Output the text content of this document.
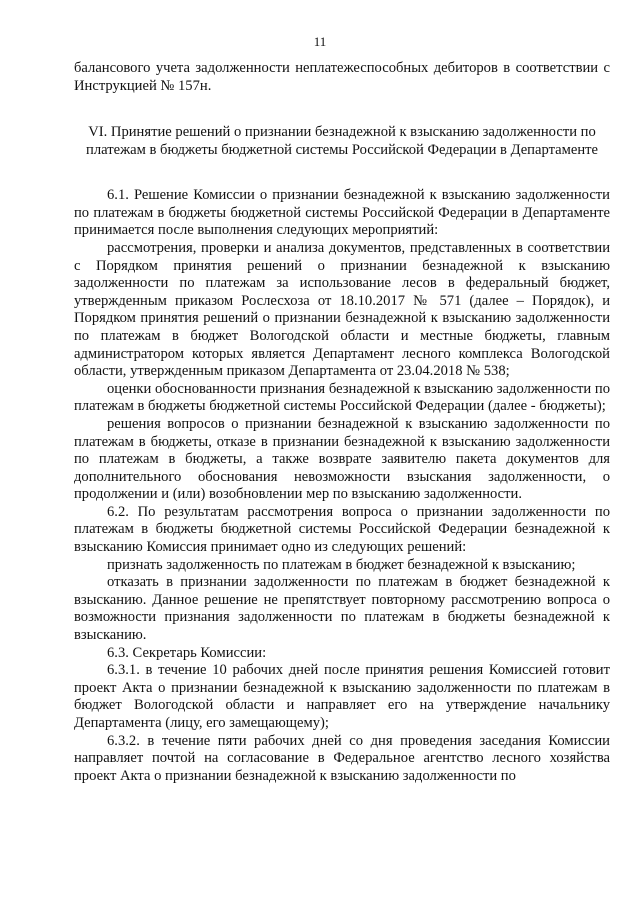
11

балансового учета задолженности неплатежеспособных дебиторов в соответствии с Инструкцией № 157н.

VI. Принятие решений о признании безнадежной к взысканию задолженности по платежам в бюджеты бюджетной системы Российской Федерации в Департаменте

6.1. Решение Комиссии о признании безнадежной к взысканию задолженности по платежам в бюджеты бюджетной системы Российской Федерации в Департаменте принимается после выполнения следующих мероприятий:

рассмотрения, проверки и анализа документов, представленных в соответствии с Порядком принятия решений о признании безнадежной к взысканию задолженности по платежам за использование лесов в федеральный бюджет, утвержденным приказом Рослесхоза от 18.10.2017 № 571 (далее – Порядок), и Порядком принятия решений о признании безнадежной к взысканию задолженности по платежам в бюджет Вологодской области и местные бюджеты, главным администратором которых является Департамент лесного комплекса Вологодской области, утвержденным приказом Департамента от 23.04.2018 № 538;

оценки обоснованности признания безнадежной к взысканию задолженности по платежам в бюджеты бюджетной системы Российской Федерации (далее - бюджеты);

решения вопросов о признании безнадежной к взысканию задолженности по платежам в бюджеты, отказе в признании безнадежной к взысканию задолженности по платежам в бюджеты, а также возврате заявителю пакета документов для дополнительного обоснования невозможности взыскания задолженности, о продолжении и (или) возобновлении мер по взысканию задолженности.

6.2. По результатам рассмотрения вопроса о признании задолженности по платежам в бюджеты бюджетной системы Российской Федерации безнадежной к взысканию Комиссия принимает одно из следующих решений:

признать задолженность по платежам в бюджет безнадежной к взысканию;

отказать в признании задолженности по платежам в бюджет безнадежной к взысканию. Данное решение не препятствует повторному рассмотрению вопроса о возможности признания задолженности по платежам в бюджеты безнадежной к взысканию.

6.3. Секретарь Комиссии:

6.3.1. в течение 10 рабочих дней после принятия решения Комиссией готовит проект Акта о признании безнадежной к взысканию задолженности по платежам в бюджет Вологодской области и направляет его на утверждение начальнику Департамента (лицу, его замещающему);

6.3.2. в течение пяти рабочих дней со дня проведения заседания Комиссии направляет почтой на согласование в Федеральное агентство лесного хозяйства проект Акта о признании безнадежной к взысканию задолженности по
